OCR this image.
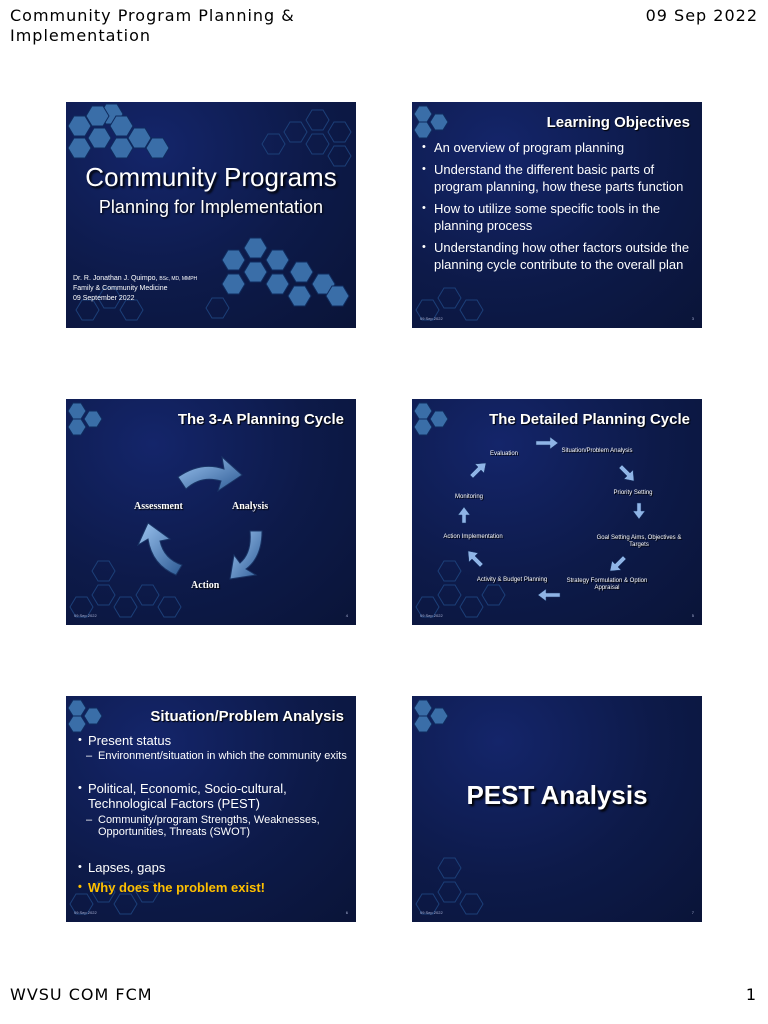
Community Program Planning & Implementation
09 Sep 2022
Community Programs
Planning for Implementation
Dr. R. Jonathan J. Quimpo, BSc, MD, MMPH
Family & Community Medicine
09 September 2022
Learning Objectives
• An overview of program planning
• Understand the different basic parts of program planning, how these parts function
• How to utilize some specific tools in the planning process
• Understanding how other factors outside the planning cycle contribute to the overall plan
09 Sep 2022	3
The 3-A Planning Cycle
Assessment	Analysis
Action
09 Sep 2022	4
The Detailed Planning Cycle
Evaluation	Situation/Problem Analysis
Priority Setting
Goal Setting Aims, Objectives & Targets
Strategy Formulation & Option Appraisal
Activity & Budget Planning
Action Implementation
Monitoring
09 Sep 2022	5
Situation/Problem Analysis
• Present status
– Environment/situation in which the community exits
• Political, Economic, Socio-cultural, Technological Factors (PEST)
– Community/program Strengths, Weaknesses, Opportunities, Threats (SWOT)
• Lapses, gaps
• Why does the problem exist!
09 Sep 2022	6
PEST Analysis
09 Sep 2022	7
WVSU COM FCM	1
